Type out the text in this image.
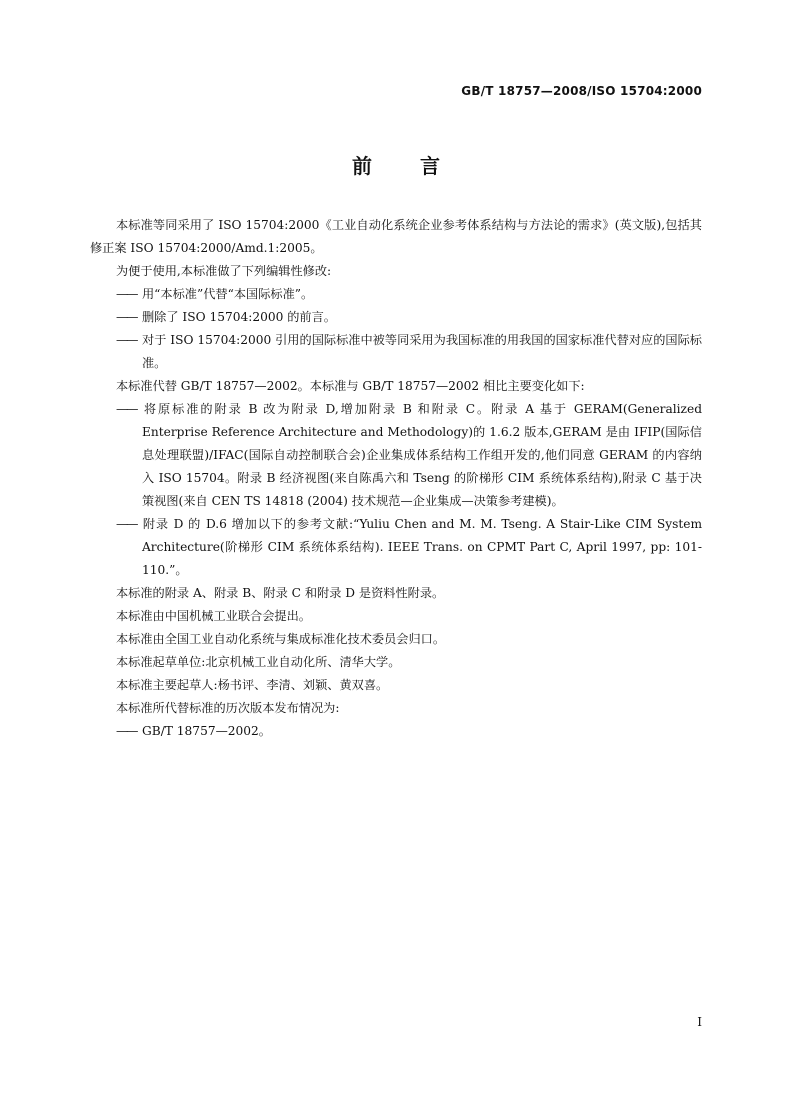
GB/T 18757—2008/ISO 15704:2000
前言

本标准等同采用了 ISO 15704:2000《工业自动化系统企业参考体系结构与方法论的需求》(英文版),包括其修正案 ISO 15704:2000/Amd.1:2005。

为便于使用,本标准做了下列编辑性修改:

—— 用“本标准”代替“本国际标准”。

—— 删除了 ISO 15704:2000 的前言。

—— 对于 ISO 15704:2000 引用的国际标准中被等同采用为我国标准的用我国的国家标准代替对应的国际标准。

本标准代替 GB/T 18757—2002。本标准与 GB/T 18757—2002 相比主要变化如下:

—— 将原标准的附录 B 改为附录 D,增加附录 B 和附录 C。附录 A 基于 GERAM(Generalized Enterprise Reference Architecture and Methodology)的 1.6.2 版本,GERAM 是由 IFIP(国际信息处理联盟)/IFAC(国际自动控制联合会)企业集成体系结构工作组开发的,他们同意 GERAM 的内容纳入 ISO 15704。附录 B 经济视图(来自陈禹六和 Tseng 的阶梯形 CIM 系统体系结构),附录 C 基于决策视图(来自 CEN TS 14818 (2004) 技术规范—企业集成—决策参考建模)。

—— 附录 D 的 D.6 增加以下的参考文献:“Yuliu Chen and M. M. Tseng. A Stair-Like CIM System Architecture(阶梯形 CIM 系统体系结构). IEEE Trans. on CPMT Part C, April 1997, pp: 101-110.”。

本标准的附录 A、附录 B、附录 C 和附录 D 是资料性附录。

本标准由中国机械工业联合会提出。

本标准由全国工业自动化系统与集成标准化技术委员会归口。

本标准起草单位:北京机械工业自动化所、清华大学。

本标准主要起草人:杨书评、李清、刘颖、黄双喜。

本标准所代替标准的历次版本发布情况为:

—— GB/T 18757—2002。

I
